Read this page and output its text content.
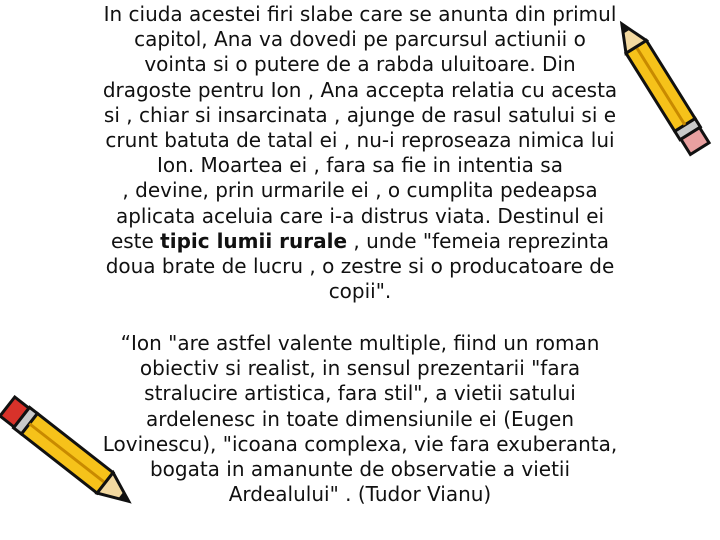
In ciuda acestei firi slabe care se anunta din primul
capitol, Ana va dovedi pe parcursul actiunii o
vointa si o putere de a rabda uluitoare. Din
dragoste pentru Ion , Ana accepta relatia cu acesta
si , chiar si insarcinata , ajunge de rasul satului si e
crunt batuta de tatal ei , nu-i reproseaza nimica lui
Ion. Moartea ei , fara sa fie in intentia sa
, devine, prin urmarile ei , o cumplita pedeapsa
aplicata aceluia care i-a distrus viata. Destinul ei
este tipic lumii rurale , unde "femeia reprezinta
doua brate de lucru , o zestre si o producatoare de
copii".
“Ion "are astfel valente multiple, fiind un roman
obiectiv si realist, in sensul prezentarii "fara
stralucire artistica, fara stil", a vietii satului
ardelenesc in toate dimensiunile ei (Eugen
Lovinescu), "icoana complexa, vie fara exuberanta,
bogata in amanunte de observatie a vietii
Ardealului" . (Tudor Vianu)
